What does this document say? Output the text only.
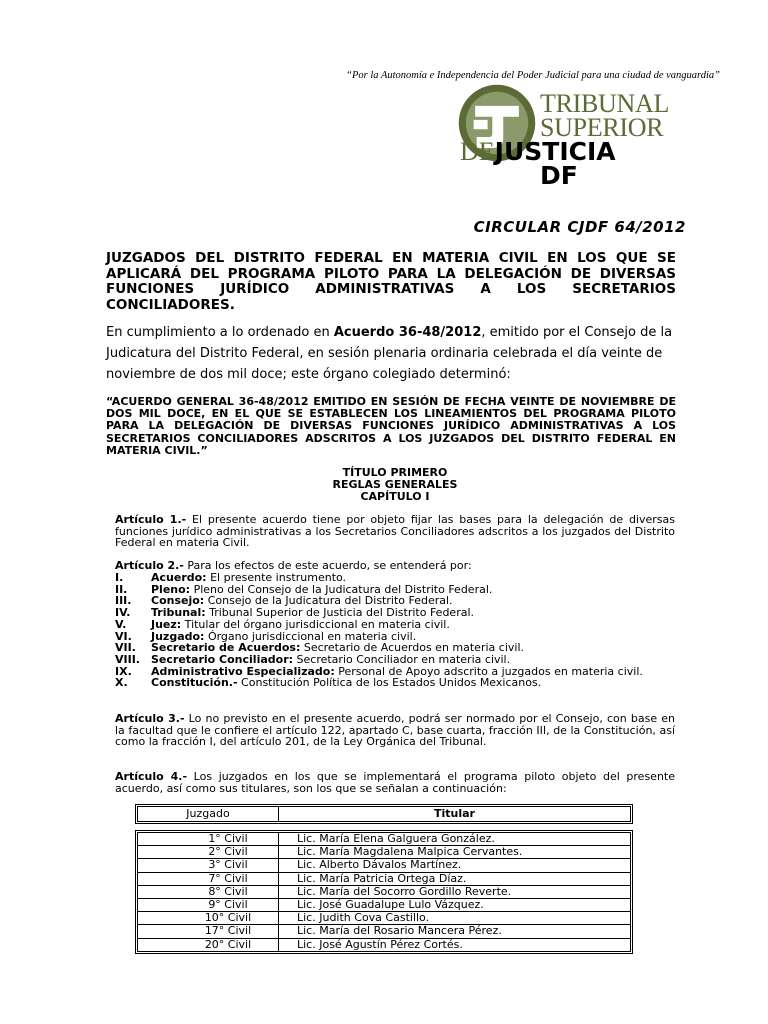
“Por la Autonomía e Independencia del Poder Judicial para una ciudad de vanguardia”
TRIBUNAL
SUPERIOR
DEJUSTICIA
DF
CIRCULAR CJDF 64/2012
JUZGADOS DEL DISTRITO FEDERAL EN MATERIA CIVIL EN LOS QUE SE APLICARÁ DEL PROGRAMA PILOTO PARA LA DELEGACIÓN DE DIVERSAS FUNCIONES JURÍDICO ADMINISTRATIVAS A LOS SECRETARIOS CONCILIADORES.
En cumplimiento a lo ordenado en Acuerdo 36-48/2012, emitido por el Consejo de la Judicatura del Distrito Federal, en sesión plenaria ordinaria celebrada el día veinte de noviembre de dos mil doce; este órgano colegiado determinó:
“ACUERDO GENERAL 36-48/2012 EMITIDO EN SESIÓN DE FECHA VEINTE DE NOVIEMBRE DE DOS MIL DOCE, EN EL QUE SE ESTABLECEN LOS LINEAMIENTOS DEL PROGRAMA PILOTO PARA LA DELEGACIÓN DE DIVERSAS FUNCIONES JURÍDICO ADMINISTRATIVAS A LOS SECRETARIOS CONCILIADORES ADSCRITOS A LOS JUZGADOS DEL DISTRITO FEDERAL EN MATERIA CIVIL.”
TÍTULO PRIMERO
REGLAS GENERALES
CAPÍTULO I
Artículo 1.- El presente acuerdo tiene por objeto fijar las bases para la delegación de diversas funciones jurídico administrativas a los Secretarios Conciliadores adscritos a los juzgados del Distrito Federal en materia Civil.
Artículo 2.- Para los efectos de este acuerdo, se entenderá por:
I.	Acuerdo: El presente instrumento.
II. Pleno: Pleno del Consejo de la Judicatura del Distrito Federal.
III. Consejo: Consejo de la Judicatura del Distrito Federal.
IV. Tribunal: Tribunal Superior de Justicia del Distrito Federal.
V. Juez: Titular del órgano jurisdiccional en materia civil.
VI. Juzgado: Órgano jurisdiccional en materia civil.
VII. Secretario de Acuerdos: Secretario de Acuerdos en materia civil.
VIII. Secretario Conciliador: Secretario Conciliador en materia civil.
IX. Administrativo Especializado: Personal de Apoyo adscrito a juzgados en materia civil.
X. Constitución.- Constitución Política de los Estados Unidos Mexicanos.
Artículo 3.- Lo no previsto en el presente acuerdo, podrá ser normado por el Consejo, con base en la facultad que le confiere el artículo 122, apartado C, base cuarta, fracción III, de la Constitución, así como la fracción I, del artículo 201, de la Ley Orgánica del Tribunal.
Artículo 4.- Los juzgados en los que se implementará el programa piloto objeto del presente acuerdo, así como sus titulares, son los que se señalan a continuación:
Juzgado	Titular
1° Civil	Lic. María Elena Galguera González.
2° Civil	Lic. María Magdalena Malpica Cervantes.
3° Civil	Lic. Alberto Dávalos Martínez.
7° Civil	Lic. María Patricia Ortega Díaz.
8° Civil	Lic. María del Socorro Gordillo Reverte.
9° Civil	Lic. José Guadalupe Lulo Vázquez.
10° Civil	Lic. Judith Cova Castillo.
17° Civil	Lic. María del Rosario Mancera Pérez.
20° Civil	Lic. José Agustín Pérez Cortés.
